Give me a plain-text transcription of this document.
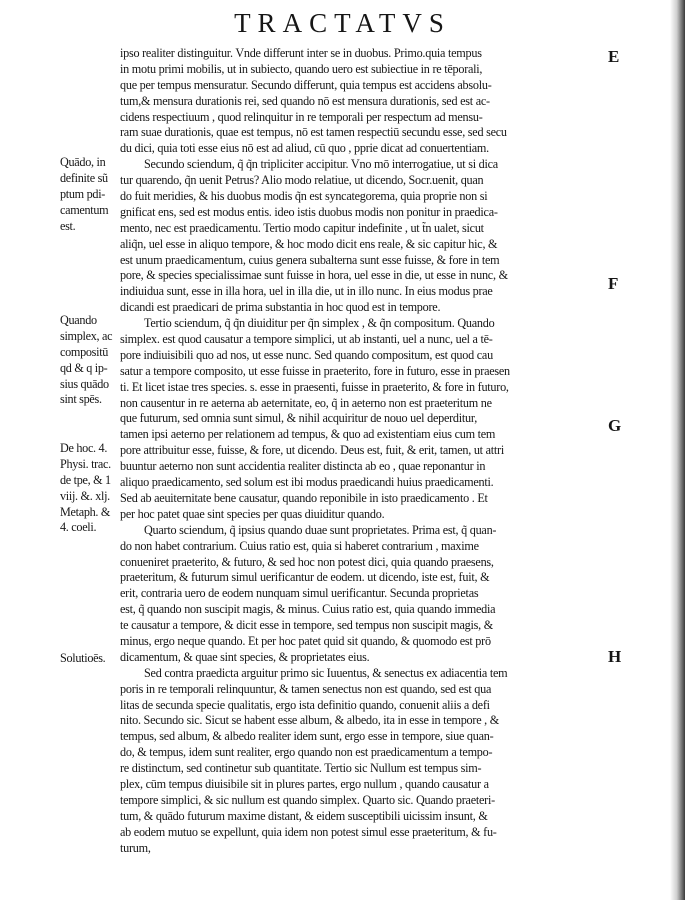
TRACTATVS
ipso realiter distinguitur. Vnde differunt inter se in duobus. Primo.quia tempus
in motu primi mobilis, ut in subiecto, quando uero est subiectiue in re tēporali,
que per tempus mensuratur. Secundo differunt, quia tempus est accidens absolu-
tum,& mensura durationis rei, sed quando nō est mensura durationis, sed est ac-
cidens respectiuum , quod relinquitur in re temporali per respectum ad mensu-
ram suae durationis, quae est tempus, nō est tamen respectiū secundu esse, sed secu
du dici, quia toti esse eius nō est ad aliud, cū quo , pprie dicat ad conuertentiam.
Secundo sciendum, q̃ q̃n tripliciter accipitur. Vno mō interrogatiue, ut si dica
tur quarendo, q̃n uenit Petrus? Alio modo relatiue, ut dicendo, Socr.uenit, quan
do fuit meridies, & his duobus modis q̃n est syncategorema, quia proprie non si
gnificat ens, sed est modus entis. ideo istis duobus modis non ponitur in praedica-
mento, nec est praedicamentu. Tertio modo capitur indefinite , ut t̃n ualet, sicut
aliq̃n, uel esse in aliquo tempore, & hoc modo dicit ens reale, & sic capitur hic, &
est unum praedicamentum, cuius genera subalterna sunt esse fuisse, & fore in tem
pore, & species specialissimae sunt fuisse in hora, uel esse in die, ut esse in nunc, &
indiuidua sunt, esse in illa hora, uel in illa die, ut in illo nunc. In eius modus prae
dicandi est praedicari de prima substantia in hoc quod est in tempore.
Tertio sciendum, q̃ q̃n diuiditur per q̃n simplex , & q̃n compositum. Quando
simplex. est quod causatur a tempore simplici, ut ab instanti, uel a nunc, uel a tē-
pore indiuisibili quo ad nos, ut esse nunc. Sed quando compositum, est quod cau
satur a tempore composito, ut esse fuisse in praeterito, fore in futuro, esse in praesen
ti. Et licet istae tres species. s. esse in praesenti, fuisse in praeterito, & fore in futuro,
non causentur in re aeterna ab aeternitate, eo, q̃ in aeterno non est praeteritum ne
que futurum, sed omnia sunt simul, & nihil acquiritur de nouo uel deperditur,
tamen ipsi aeterno per relationem ad tempus, & quo ad existentiam eius cum tem
pore attribuitur esse, fuisse, & fore, ut dicendo. Deus est, fuit, & erit, tamen, ut attri
buuntur aeterno non sunt accidentia realiter distincta ab eo , quae reponantur in
aliquo praedicamento, sed solum est ibi modus praedicandi huius praedicamenti.
Sed ab aeuiternitate bene causatur, quando reponibile in isto praedicamento . Et
per hoc patet quae sint species per quas diuiditur quando.
Quarto sciendum, q̃ ipsius quando duae sunt proprietates. Prima est, q̃ quan-
do non habet contrarium. Cuius ratio est, quia si haberet contrarium , maxime
conueniret praeterito, & futuro, & sed hoc non potest dici, quia quando praesens,
praeteritum, & futurum simul uerificantur de eodem. ut dicendo, iste est, fuit, &
erit, contraria uero de eodem nunquam simul uerificantur. Secunda proprietas
est, q̃ quando non suscipit magis, & minus. Cuius ratio est, quia quando immedia
te causatur a tempore, & dicit esse in tempore, sed tempus non suscipit magis, &
minus, ergo neque quando. Et per hoc patet quid sit quando, & quomodo est prō
dicamentum, & quae sint species, & proprietates eius.
Sed contra praedicta arguitur primo sic Iuuentus, & senectus ex adiacentia tem
poris in re temporali relinquuntur, & tamen senectus non est quando, sed est qua
litas de secunda specie qualitatis, ergo ista definitio quando, conuenit aliis a defi
nito. Secundo sic. Sicut se habent esse album, & albedo, ita in esse in tempore , &
tempus, sed album, & albedo realiter idem sunt, ergo esse in tempore, siue quan-
do, & tempus, idem sunt realiter, ergo quando non est praedicamentum a tempo-
re distinctum, sed continetur sub quantitate. Tertio sic Nullum est tempus sim-
plex, cūm tempus diuisibile sit in plures partes, ergo nullum , quando causatur a
tempore simplici, & sic nullum est quando simplex. Quarto sic. Quando praeteri-
tum, & quādo futurum maxime distant, & eidem susceptibili uicissim insunt, &
ab eodem mutuo se expellunt, quia idem non potest simul esse praeteritum, & fu-
turum,
Quādo, in
definite sũ
ptum pdi-
camentum
est.
Quando
simplex, ac
compositū
qd & q ip-
sius quādo
sint spēs.
De hoc. 4.
Physi. trac.
de tpe, & 1
viij. &. xlj.
Metaph. &
4. coeli.
Solutioēs.
E
F
G
H
